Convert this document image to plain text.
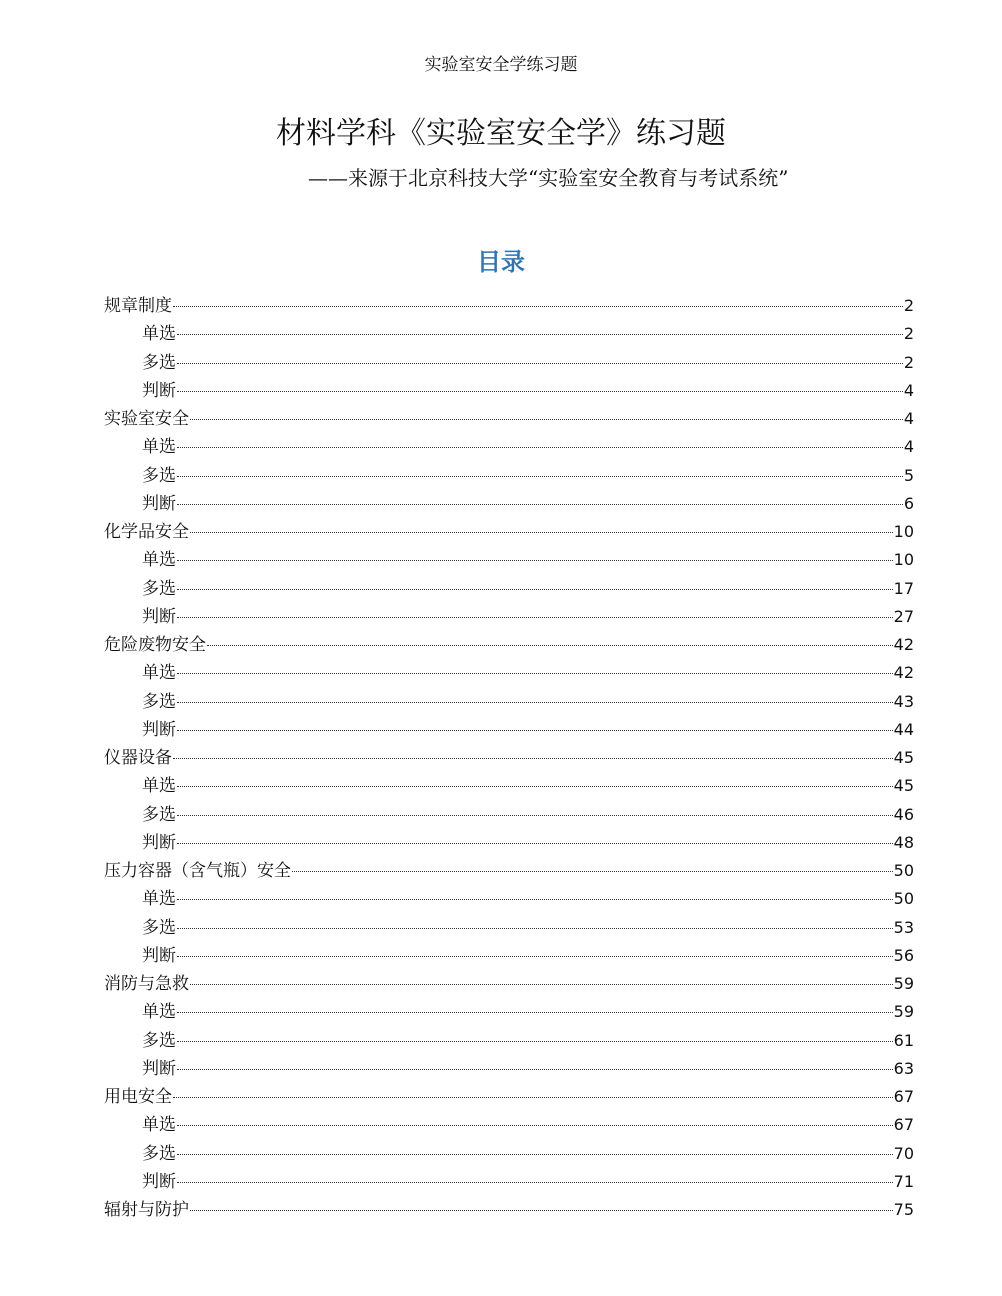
实验室安全学练习题
材料学科《实验室安全学》练习题
——来源于北京科技大学“实验室安全教育与考试系统”
目录
规章制度	2
单选	2
多选	2
判断	4
实验室安全	4
单选	4
多选	5
判断	6
化学品安全	10
单选	10
多选	17
判断	27
危险废物安全	42
单选	42
多选	43
判断	44
仪器设备	45
单选	45
多选	46
判断	48
压力容器（含气瓶）安全	50
单选	50
多选	53
判断	56
消防与急救	59
单选	59
多选	61
判断	63
用电安全	67
单选	67
多选	70
判断	71
辐射与防护	75
